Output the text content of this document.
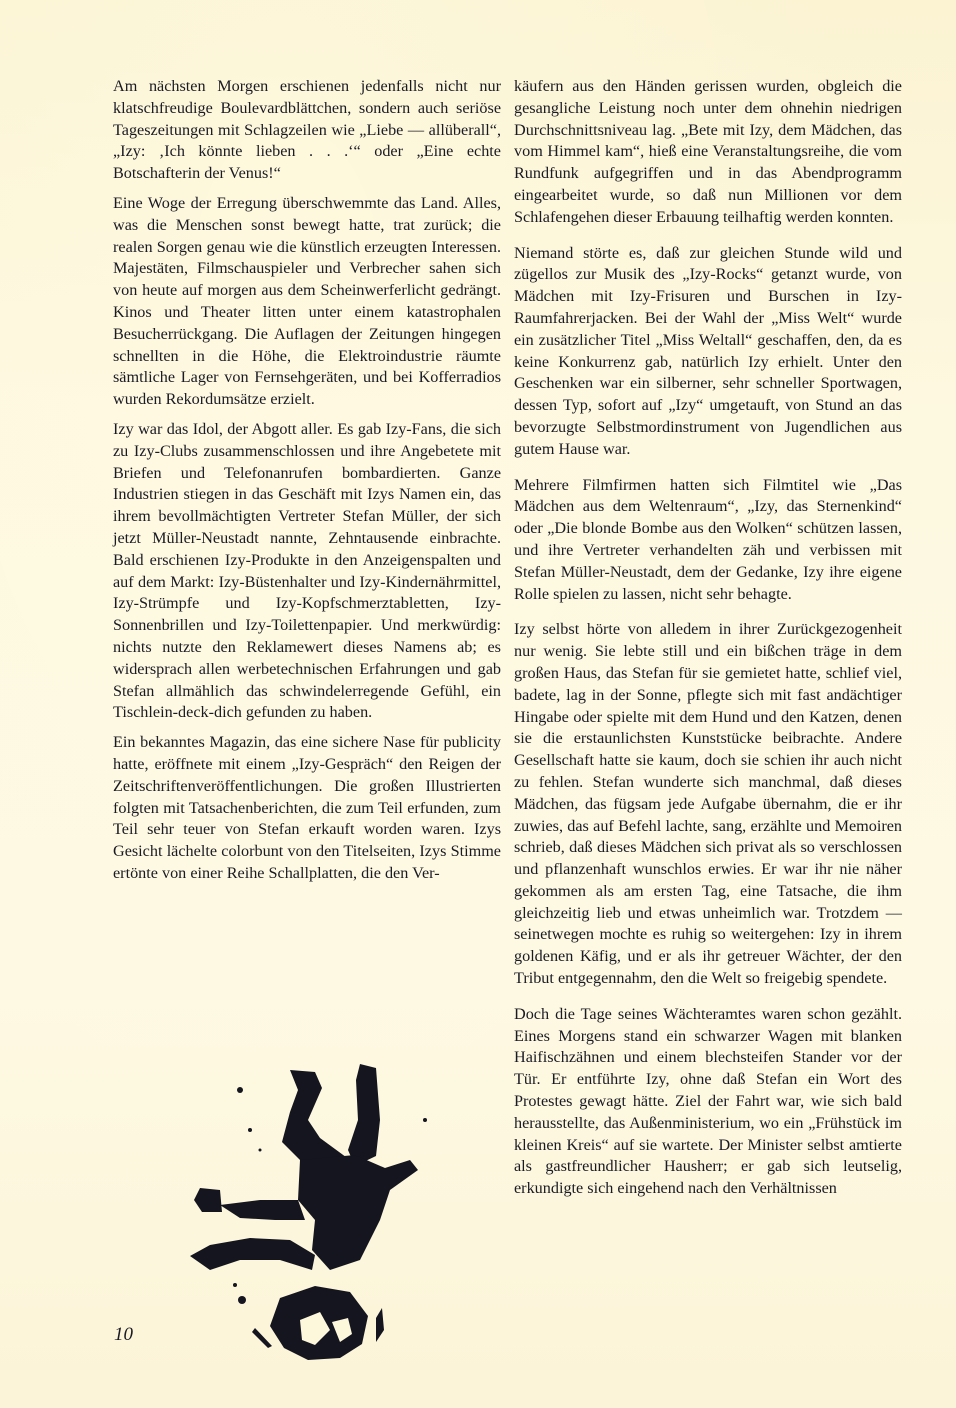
Am nächsten Morgen erschienen jedenfalls nicht nur klatschfreudige Boulevardblättchen, sondern auch seriöse Tageszeitungen mit Schlagzeilen wie „Liebe — allüberall“, „Izy: ‚Ich könnte lieben . . .‘“ oder „Eine echte Botschafterin der Venus!“

Eine Woge der Erregung überschwemmte das Land. Alles, was die Menschen sonst bewegt hatte, trat zurück; die realen Sorgen genau wie die künstlich erzeugten Interessen. Majestäten, Filmschauspieler und Verbrecher sahen sich von heute auf morgen aus dem Scheinwerferlicht gedrängt. Kinos und Theater litten unter einem katastrophalen Besucherrückgang. Die Auflagen der Zeitungen hingegen schnellten in die Höhe, die Elektroindustrie räumte sämtliche Lager von Fernsehgeräten, und bei Kofferradios wurden Rekordumsätze erzielt.

Izy war das Idol, der Abgott aller. Es gab Izy-Fans, die sich zu Izy-Clubs zusammenschlossen und ihre Angebetete mit Briefen und Telefonanrufen bombardierten. Ganze Industrien stiegen in das Geschäft mit Izys Namen ein, das ihrem bevollmächtigten Vertreter Stefan Müller, der sich jetzt Müller-Neustadt nannte, Zehntausende einbrachte. Bald erschienen Izy-Produkte in den Anzeigenspalten und auf dem Markt: Izy-Büstenhalter und Izy-Kindernährmittel, Izy-Strümpfe und Izy-Kopfschmerztabletten, Izy-Sonnenbrillen und Izy-Toilettenpapier. Und merkwürdig: nichts nutzte den Reklamewert dieses Namens ab; es widersprach allen werbetechnischen Erfahrungen und gab Stefan allmählich das schwindelerregende Gefühl, ein Tischlein-deck-dich gefunden zu haben.

Ein bekanntes Magazin, das eine sichere Nase für publicity hatte, eröffnete mit einem „Izy-Gespräch“ den Reigen der Zeitschriftenveröffentlichungen. Die großen Illustrierten folgten mit Tatsachenberichten, die zum Teil erfunden, zum Teil sehr teuer von Stefan erkauft worden waren. Izys Gesicht lächelte colorbunt von den Titelseiten, Izys Stimme ertönte von einer Reihe Schallplatten, die den Ver-

käufern aus den Händen gerissen wurden, obgleich die gesangliche Leistung noch unter dem ohnehin niedrigen Durchschnittsniveau lag. „Bete mit Izy, dem Mädchen, das vom Himmel kam“, hieß eine Veranstaltungsreihe, die vom Rundfunk aufgegriffen und in das Abendprogramm eingearbeitet wurde, so daß nun Millionen vor dem Schlafengehen dieser Erbauung teilhaftig werden konnten.

Niemand störte es, daß zur gleichen Stunde wild und zügellos zur Musik des „Izy-Rocks“ getanzt wurde, von Mädchen mit Izy-Frisuren und Burschen in Izy-Raumfahrerjacken. Bei der Wahl der „Miss Welt“ wurde ein zusätzlicher Titel „Miss Weltall“ geschaffen, den, da es keine Konkurrenz gab, natürlich Izy erhielt. Unter den Geschenken war ein silberner, sehr schneller Sportwagen, dessen Typ, sofort auf „Izy“ umgetauft, von Stund an das bevorzugte Selbstmordinstrument von Jugendlichen aus gutem Hause war.

Mehrere Filmfirmen hatten sich Filmtitel wie „Das Mädchen aus dem Weltenraum“, „Izy, das Sternenkind“ oder „Die blonde Bombe aus den Wolken“ schützen lassen, und ihre Vertreter verhandelten zäh und verbissen mit Stefan Müller-Neustadt, dem der Gedanke, Izy ihre eigene Rolle spielen zu lassen, nicht sehr behagte.

Izy selbst hörte von alledem in ihrer Zurückgezogenheit nur wenig. Sie lebte still und ein bißchen träge in dem großen Haus, das Stefan für sie gemietet hatte, schlief viel, badete, lag in der Sonne, pflegte sich mit fast andächtiger Hingabe oder spielte mit dem Hund und den Katzen, denen sie die erstaunlichsten Kunststücke beibrachte. Andere Gesellschaft hatte sie kaum, doch sie schien ihr auch nicht zu fehlen. Stefan wunderte sich manchmal, daß dieses Mädchen, das fügsam jede Aufgabe übernahm, die er ihr zuwies, das auf Befehl lachte, sang, erzählte und Memoiren schrieb, daß dieses Mädchen sich privat als so verschlossen und pflanzenhaft wunschlos erwies. Er war ihr nie näher gekommen als am ersten Tag, eine Tatsache, die ihm gleichzeitig lieb und etwas unheimlich war. Trotzdem — seinetwegen mochte es ruhig so weitergehen: Izy in ihrem goldenen Käfig, und er als ihr getreuer Wächter, der den Tribut entgegennahm, den die Welt so freigebig spendete.

Doch die Tage seines Wächteramtes waren schon gezählt. Eines Morgens stand ein schwarzer Wagen mit blanken Haifischzähnen und einem blechsteifen Stander vor der Tür. Er entführte Izy, ohne daß Stefan ein Wort des Protestes gewagt hätte. Ziel der Fahrt war, wie sich bald herausstellte, das Außenministerium, wo ein „Frühstück im kleinen Kreis“ auf sie wartete. Der Minister selbst amtierte als gastfreundlicher Hausherr; er gab sich leutselig, erkundigte sich eingehend nach den Verhältnissen

10
